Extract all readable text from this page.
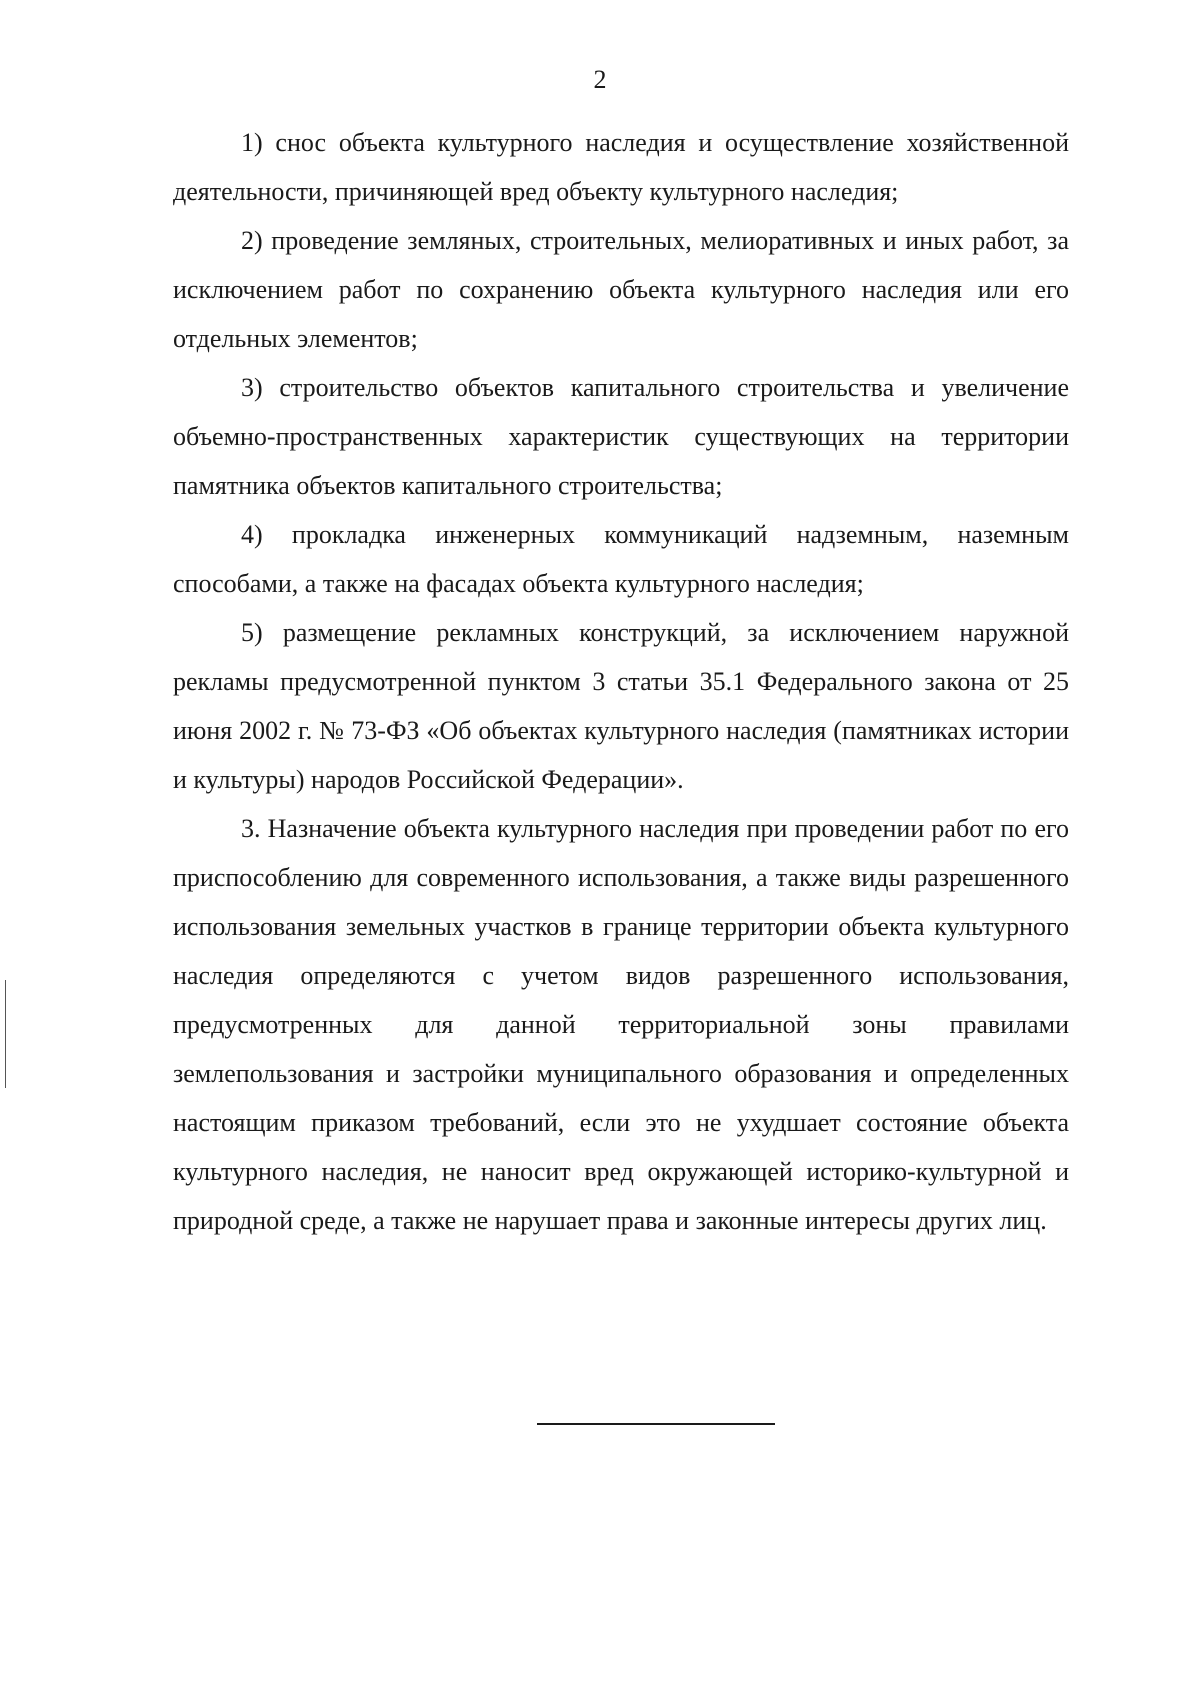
2

1) снос объекта культурного наследия и осуществление хозяйственной деятельности, причиняющей вред объекту культурного наследия;

2) проведение земляных, строительных, мелиоративных и иных работ, за исключением работ по сохранению объекта культурного наследия или его отдельных элементов;

3) строительство объектов капитального строительства и увеличение объемно-пространственных характеристик существующих на территории памятника объектов капитального строительства;

4) прокладка инженерных коммуникаций надземным, наземным способами, а также на фасадах объекта культурного наследия;

5) размещение рекламных конструкций, за исключением наружной рекламы предусмотренной пунктом 3 статьи 35.1 Федерального закона от 25 июня 2002 г. № 73-ФЗ «Об объектах культурного наследия (памятниках истории и культуры) народов Российской Федерации».

3. Назначение объекта культурного наследия при проведении работ по его приспособлению для современного использования, а также виды разрешенного использования земельных участков в границе территории объекта культурного наследия определяются с учетом видов разрешенного использования, предусмотренных для данной территориальной зоны правилами землепользования и застройки муниципального образования и определенных настоящим приказом требований, если это не ухудшает состояние объекта культурного наследия, не наносит вред окружающей историко-культурной и природной среде, а также не нарушает права и законные интересы других лиц.
